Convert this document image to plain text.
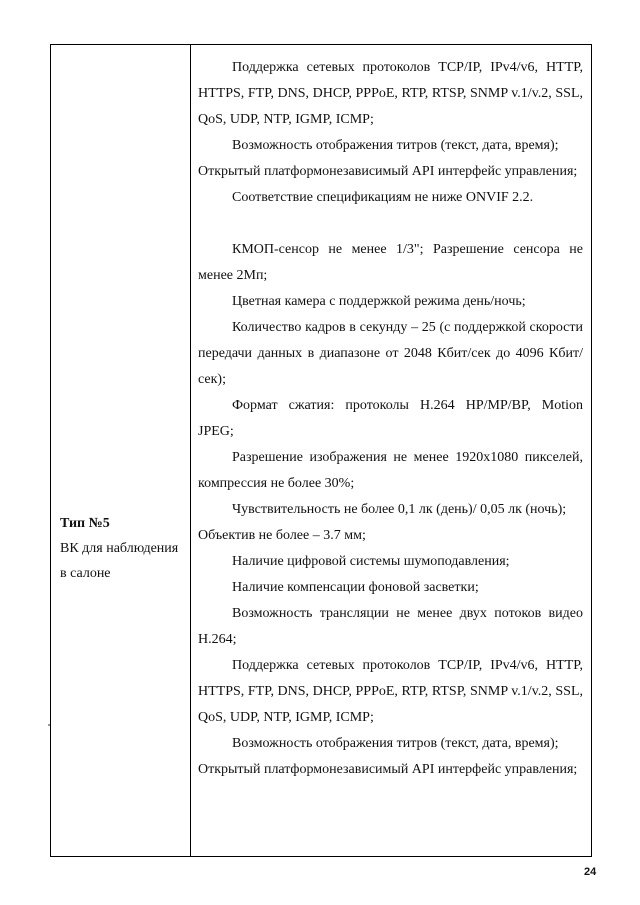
Тип №5
ВК для наблюдения
в салоне
Поддержка сетевых протоколов TCP/IP, IPv4/v6, HTTP, HTTPS, FTP, DNS, DHCP, PPPoE, RTP, RTSP, SNMP v.1/v.2, SSL, QoS, UDP, NTP, IGMP, ICMP;
Возможность отображения титров (текст, дата, время);
Открытый платформонезависимый API интерфейс управления;
Соответствие спецификациям не ниже ONVIF 2.2.
КМОП-сенсор не менее 1/3"; Разрешение сенсора не менее 2Мп;
Цветная камера с поддержкой режима день/ночь;
Количество кадров в секунду – 25 (с поддержкой скорости передачи данных в диапазоне от 2048 Кбит/сек до 4096 Кбит/сек);
Формат сжатия: протоколы H.264 HP/MP/BP, Motion JPEG;
Разрешение изображения не менее 1920x1080 пикселей, компрессия не более 30%;
Чувствительность не более 0,1 лк (день)/ 0,05 лк (ночь);
Объектив не более – 3.7 мм;
Наличие цифровой системы шумоподавления;
Наличие компенсации фоновой засветки;
Возможность трансляции не менее двух потоков видео H.264;
Поддержка сетевых протоколов TCP/IP, IPv4/v6, HTTP, HTTPS, FTP, DNS, DHCP, PPPoE, RTP, RTSP, SNMP v.1/v.2, SSL, QoS, UDP, NTP, IGMP, ICMP;
Возможность отображения титров (текст, дата, время);
Открытый платформонезависимый API интерфейс управления;
24
